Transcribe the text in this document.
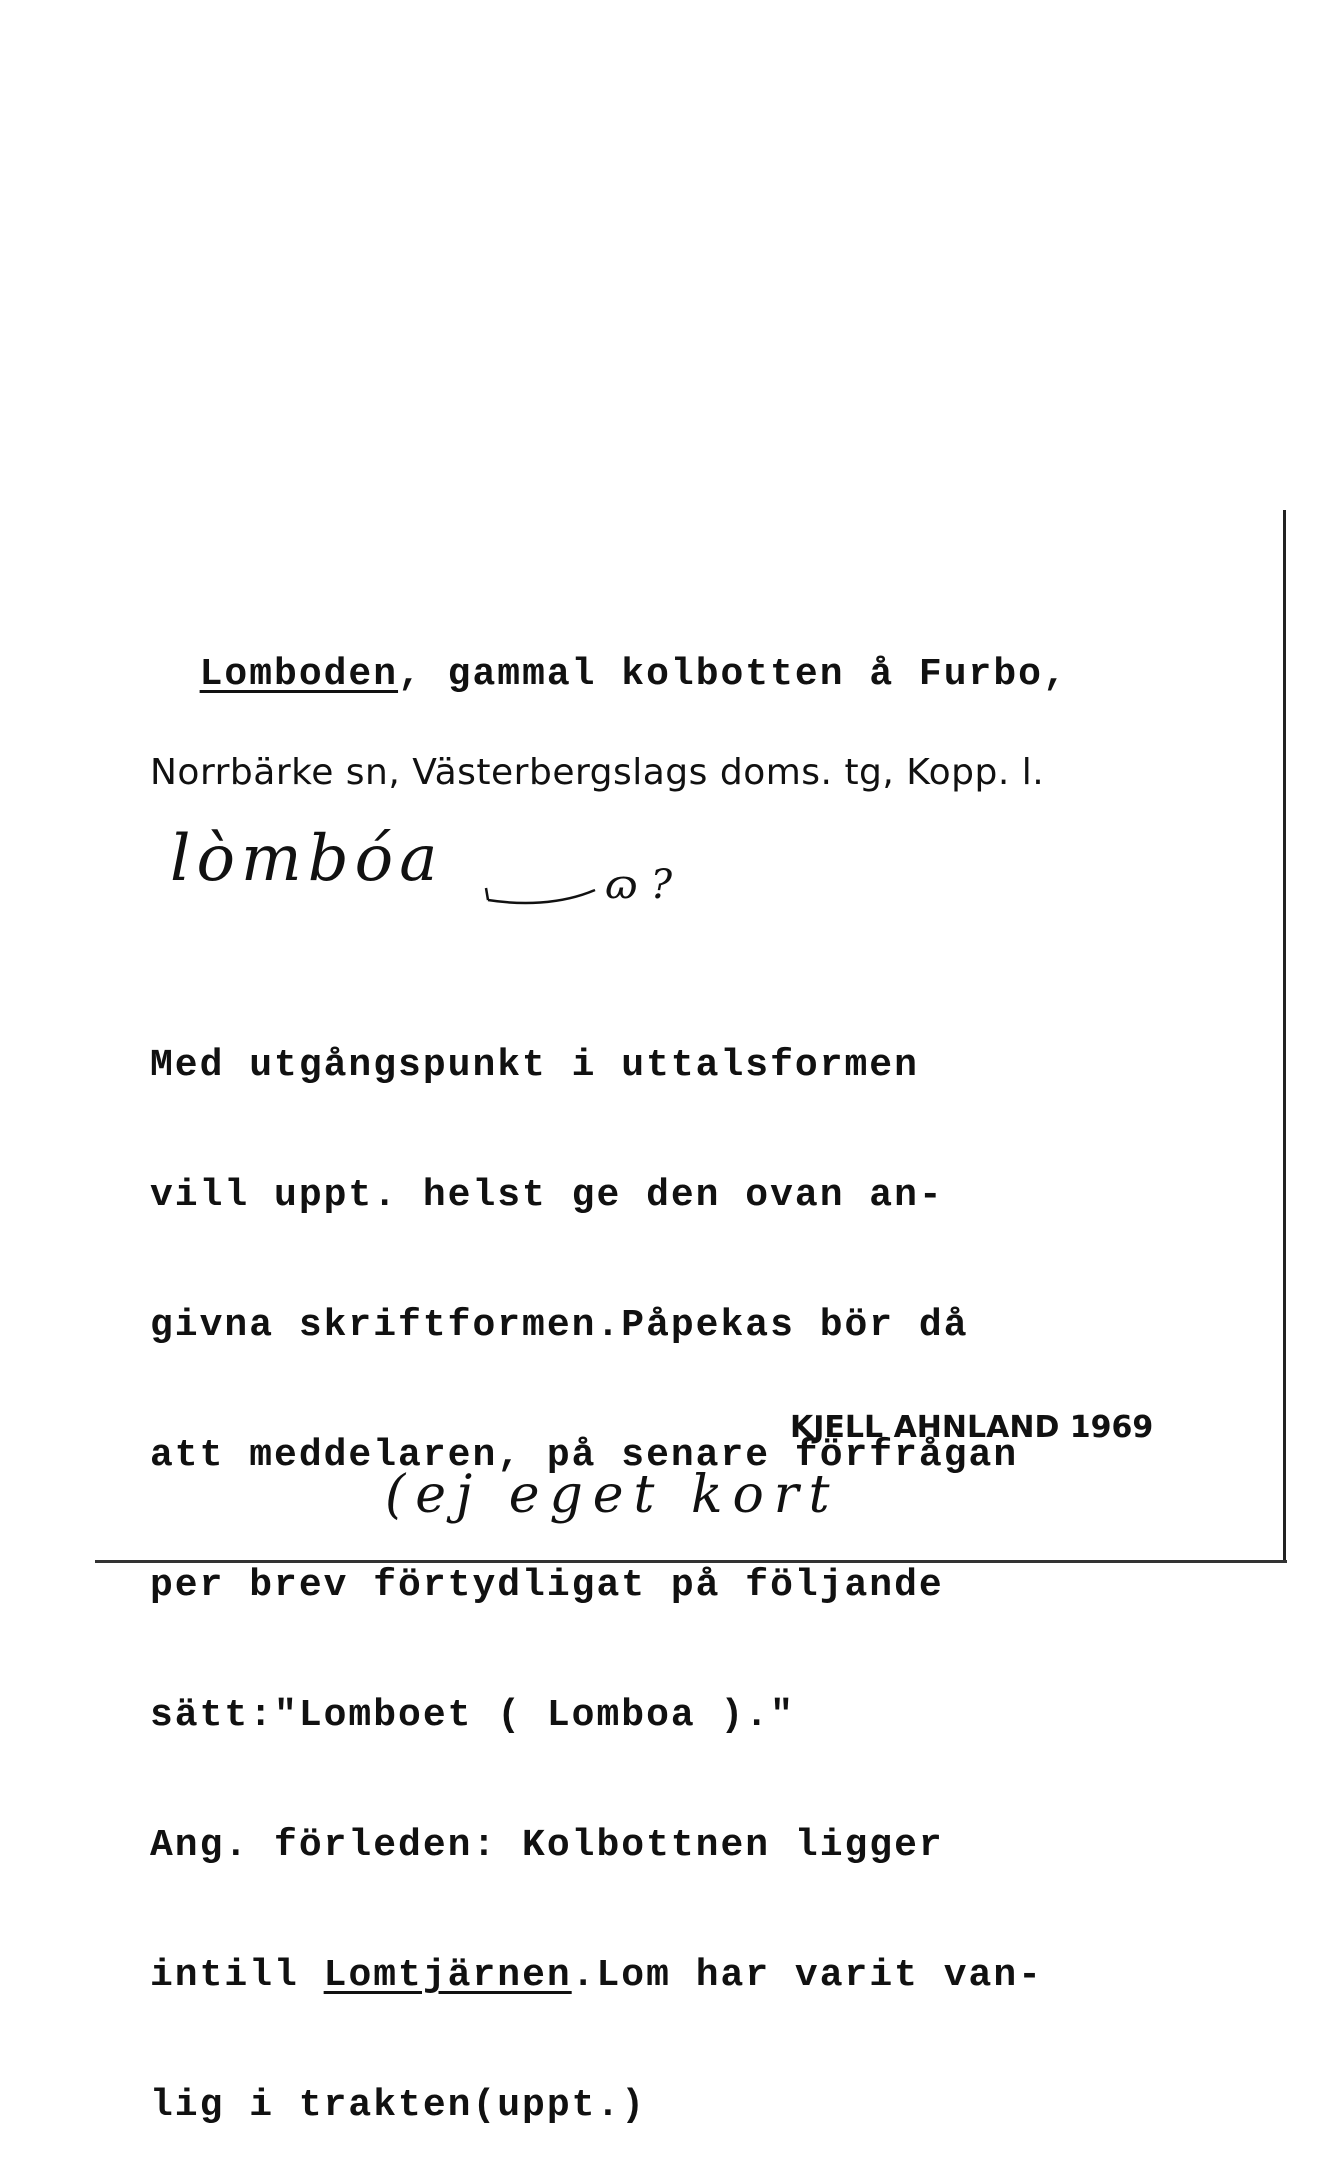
Lomboden, gammal kolbotten å Furbo,

Norrbärke sn, Västerbergslags doms. tg, Kopp. l.
lòmbóa	ɷ ?

Med utgångspunkt i uttalsformen

vill uppt. helst ge den ovan an-

givna skriftformen.Påpekas bör då

att meddelaren, på senare förfrågan

per brev förtydligat på följande

sätt:"Lomboet ( Lomboa )."

Ang. förleden: Kolbottnen ligger

intill Lomtjärnen.Lom har varit van-

lig i trakten(uppt.)

KJELL AHNLAND 1969
(ej eget kort
